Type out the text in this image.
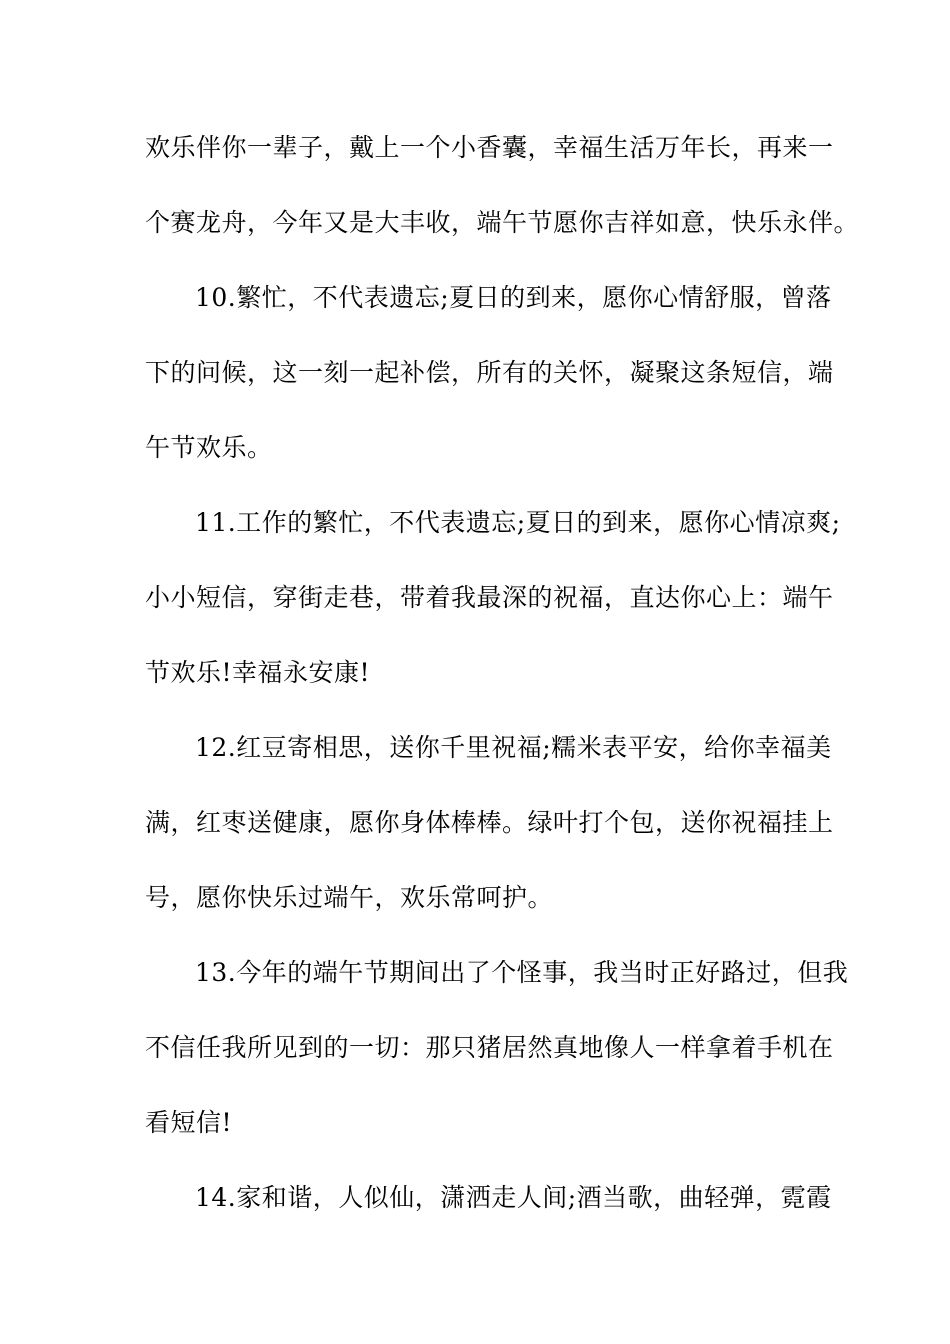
欢乐伴你一辈子，戴上一个小香囊，幸福生活万年长，再来一
个赛龙舟，今年又是大丰收，端午节愿你吉祥如意，快乐永伴。
10.繁忙，不代表遗忘;夏日的到来，愿你心情舒服，曾落
下的问候，这一刻一起补偿，所有的关怀，凝聚这条短信，端
午节欢乐。
11.工作的繁忙，不代表遗忘;夏日的到来，愿你心情凉爽;
小小短信，穿街走巷，带着我最深的祝福，直达你心上：端午
节欢乐!幸福永安康!
12.红豆寄相思，送你千里祝福;糯米表平安，给你幸福美
满，红枣送健康，愿你身体棒棒。绿叶打个包，送你祝福挂上
号，愿你快乐过端午，欢乐常呵护。
13.今年的端午节期间出了个怪事，我当时正好路过，但我
不信任我所见到的一切：那只猪居然真地像人一样拿着手机在
看短信!
14.家和谐，人似仙，潇洒走人间;酒当歌，曲轻弹，霓霞
